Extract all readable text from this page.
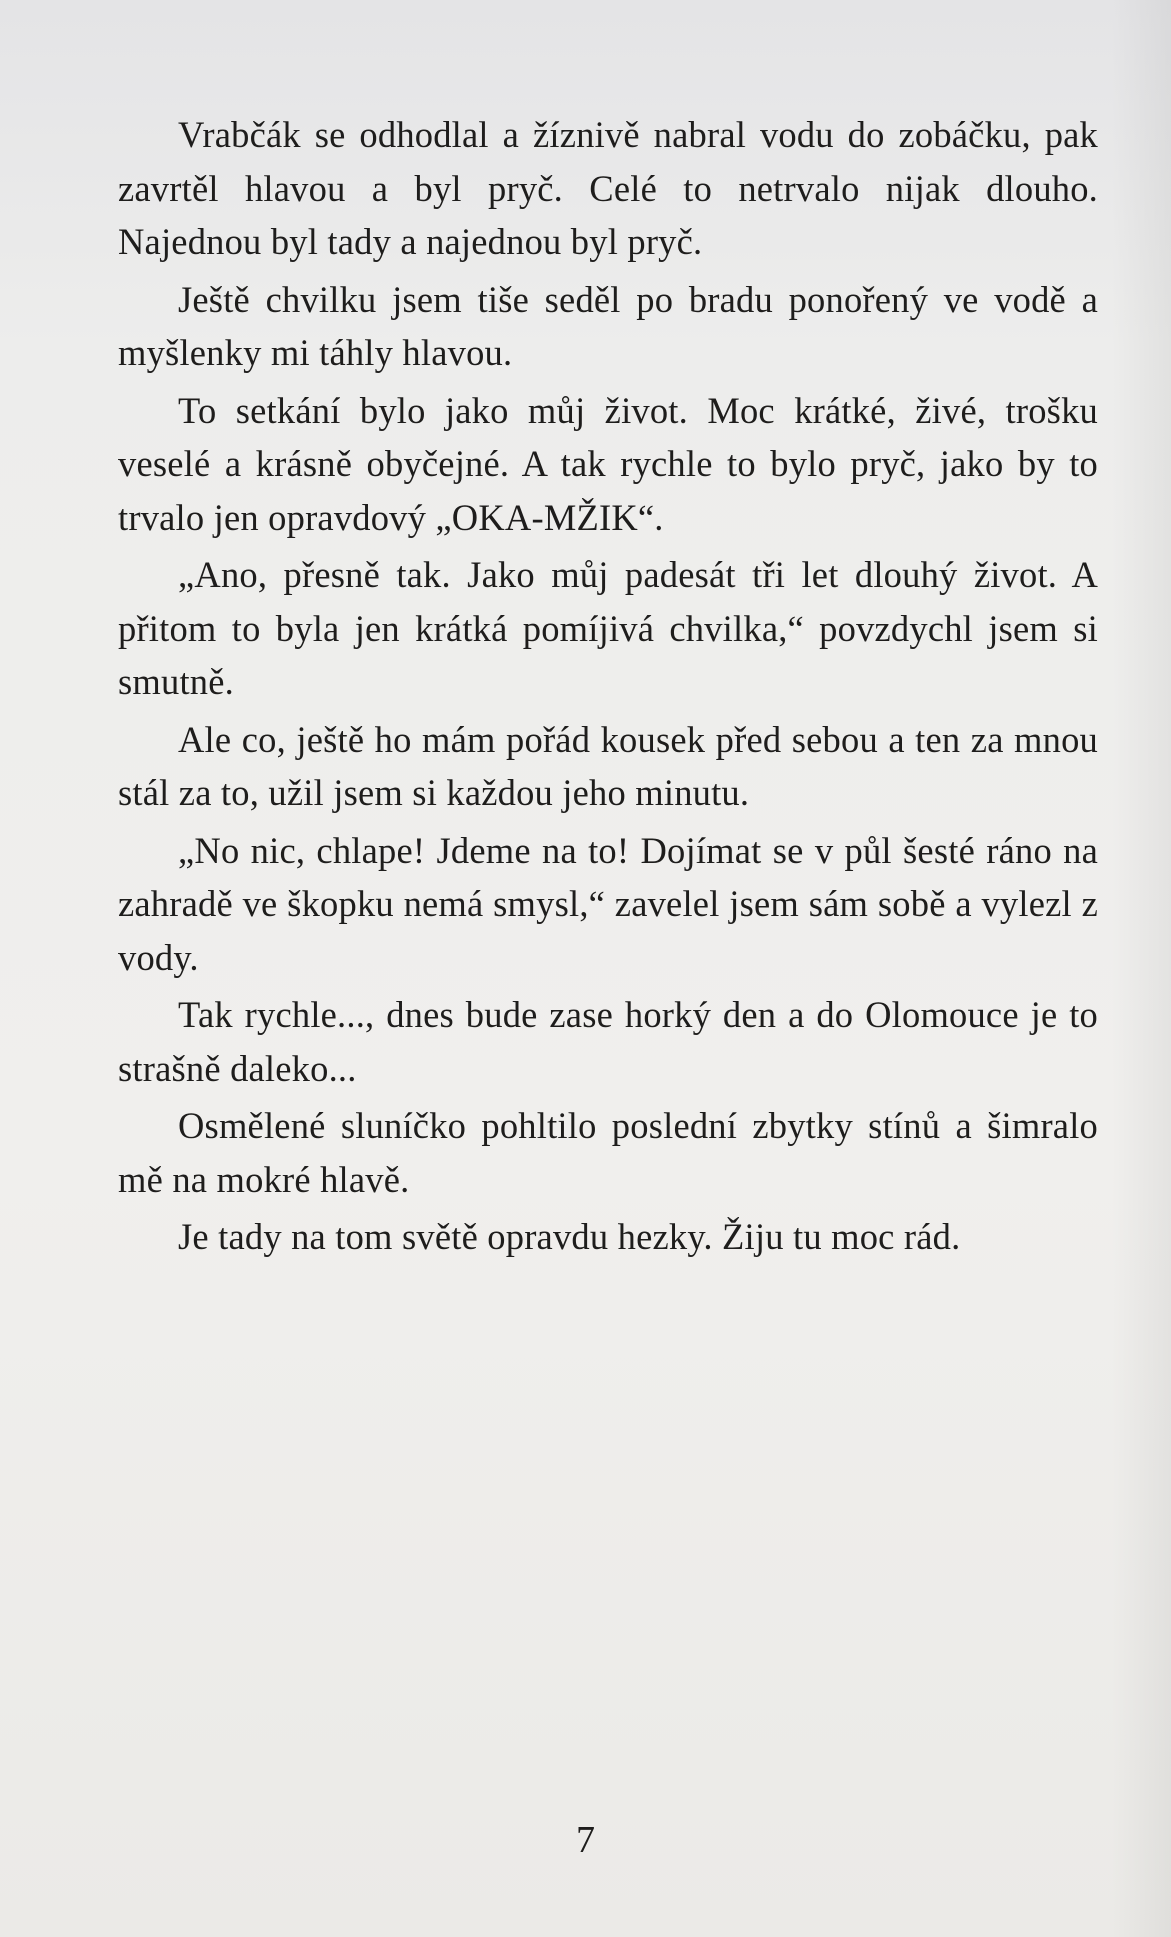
Vrabčák se odhodlal a žíznivě nabral vodu do zobáčku, pak zavrtěl hlavou a byl pryč. Celé to netrvalo nijak dlouho. Najednou byl tady a najednou byl pryč.

Ještě chvilku jsem tiše seděl po bradu ponořený ve vodě a myšlenky mi táhly hlavou.

To setkání bylo jako můj život. Moc krátké, živé, trošku veselé a krásně obyčejné. A tak rychle to bylo pryč, jako by to trvalo jen opravdový „OKA-MŽIK“.

„Ano, přesně tak. Jako můj padesát tři let dlouhý život. A přitom to byla jen krátká pomíjivá chvilka,“ povzdychl jsem si smutně.

Ale co, ještě ho mám pořád kousek před sebou a ten za mnou stál za to, užil jsem si každou jeho minutu.

„No nic, chlape! Jdeme na to! Dojímat se v půl šesté ráno na zahradě ve škopku nemá smysl,“ zavelel jsem sám sobě a vylezl z vody.

Tak rychle..., dnes bude zase horký den a do Olomouce je to strašně daleko...

Osmělené sluníčko pohltilo poslední zbytky stínů a šimralo mě na mokré hlavě.

Je tady na tom světě opravdu hezky. Žiju tu moc rád.

7
